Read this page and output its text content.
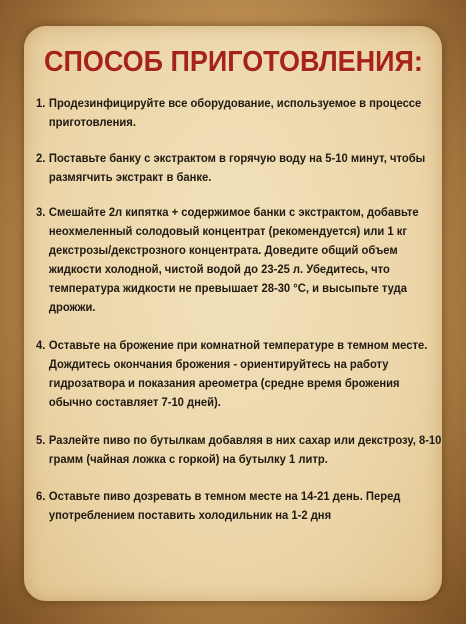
СПОСОБ ПРИГОТОВЛЕНИЯ:
1. Продезинфицируйте все оборудование, используемое в процессе приготовления.
2. Поставьте банку с экстрактом в горячую воду на 5-10 минут, чтобы размягчить экстракт в банке.
3. Смешайте 2л кипятка + содержимое банки с экстрактом, добавьте неохмеленный солодовый концентрат (рекомендуется) или 1 кг декстрозы/декстрозного концентрата. Доведите общий объем жидкости холодной, чистой водой до 23-25 л. Убедитесь, что температура жидкости не превышает 28-30 °С, и высыпьте туда дрожжи.
4. Оставьте на брожение при комнатной температуре в темном месте. Дождитесь окончания брожения - ориентируйтесь на работу гидрозатвора и показания ареометра (средне время брожения обычно составляет 7-10 дней).
5. Разлейте пиво по бутылкам добавляя в них сахар или декстрозу, 8-10 грамм (чайная ложка с горкой) на бутылку 1 литр.
6. Оставьте пиво дозревать в темном месте на 14-21 день. Перед употреблением поставить холодильник на 1-2 дня
